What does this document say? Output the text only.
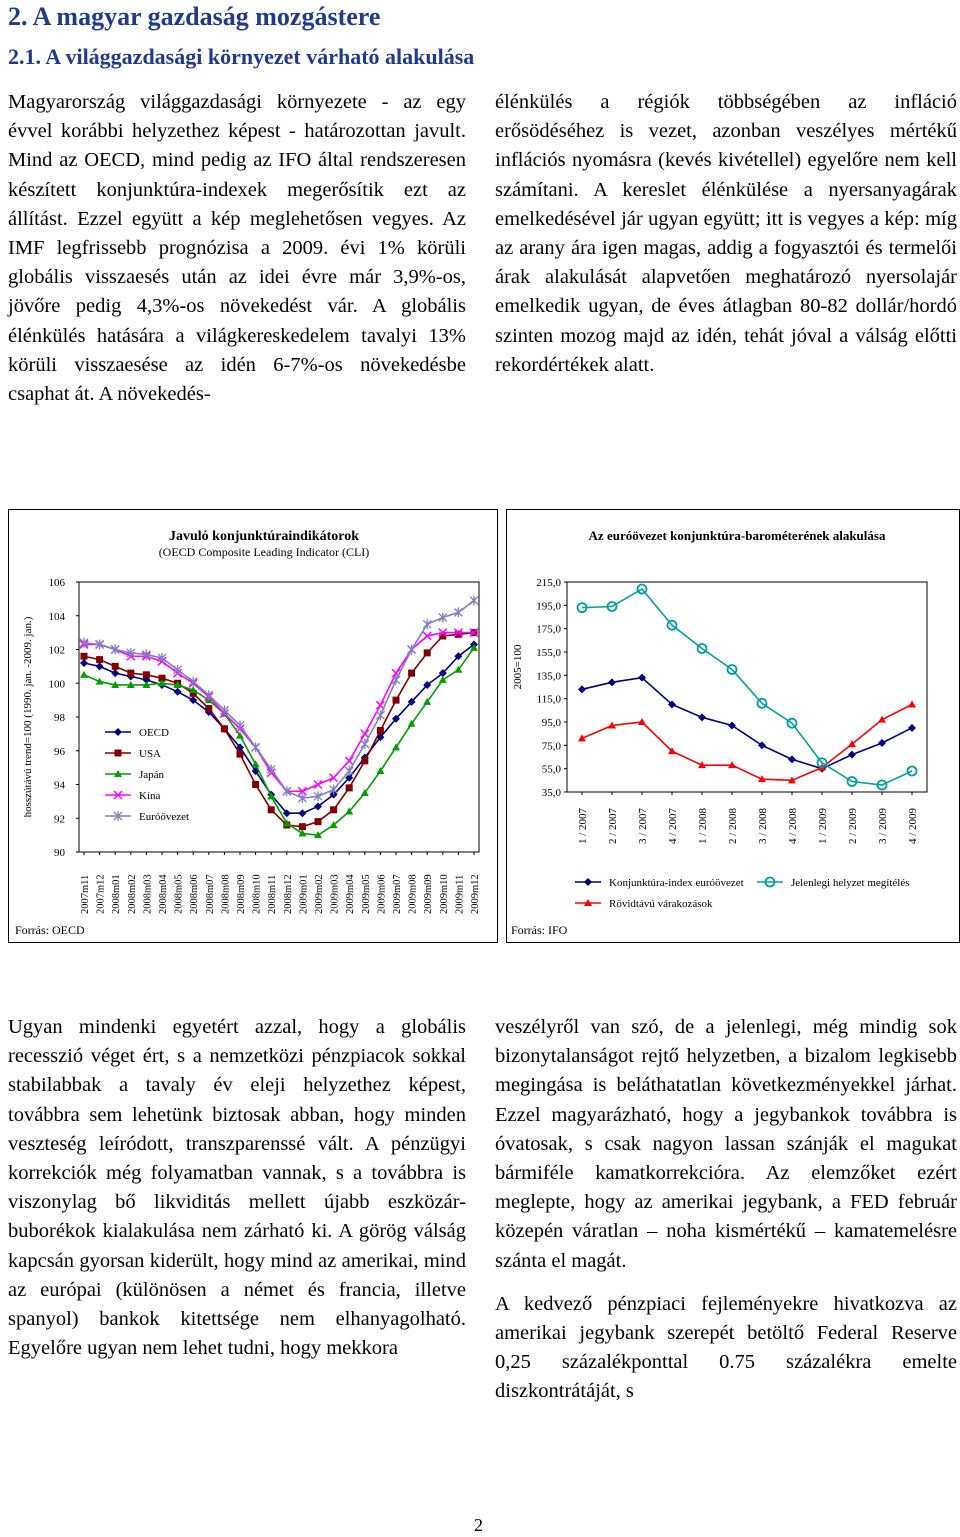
2. A magyar gazdaság mozgástere
2.1. A világgazdasági környezet várható alakulása

Magyarország világgazdasági környezete - az egy évvel korábbi helyzethez képest - határozottan javult. Mind az OECD, mind pedig az IFO által rendszeresen készített konjunktúra-indexek megerősítik ezt az állítást. Ezzel együtt a kép meglehetősen vegyes. Az IMF legfrissebb prognózisa a 2009. évi 1% körüli globális visszaesés után az idei évre már 3,9%-os, jövőre pedig 4,3%-os növekedést vár. A globális élénkülés hatására a világkereskedelem tavalyi 13% körüli visszaesése az idén 6-7%-os növekedésbe csaphat át. A növekedés-

élénkülés a régiók többségében az infláció erősödéséhez is vezet, azonban veszélyes mértékű inflációs nyomásra (kevés kivétellel) egyelőre nem kell számítani. A kereslet élénkülése a nyersanyagárak emelkedésével jár ugyan együtt; itt is vegyes a kép: míg az arany ára igen magas, addig a fogyasztói és termelői árak alakulását alapvetően meghatározó nyersolajár emelkedik ugyan, de éves átlagban 80-82 dollár/hordó szinten mozog majd az idén, tehát jóval a válság előtti rekordértékek alatt.

Javuló konjunktúraindikátorok
(OECD Composite Leading Indicator (CLI)
90
92
94
96
98
100
102
104
106
hosszútávú trend=100 (1990. jan. -2009. jan.)
2007m11 2007m12 2008m01 2008m02 2008m03 2008m04 2008m05 2008m06 2008m07 2008m08 2008m09 2008m10 2008m11 2008m12 2009m01 2009m02 2009m03 2009m04 2009m05 2009m06 2009m07 2009m08 2009m09 2009m10 2009m11 2009m12
OECD
USA
Japán
Kína
Euróövezet
Forrás: OECD
Az euróövezet konjunktúra-barométerének alakulása
35,0
55,0
75,0
95,0
115,0
135,0
155,0
175,0
195,0
215,0
2005=100
1 / 2007 2 / 2007 3 / 2007 4 / 2007 1 / 2008 2 / 2008 3 / 2008 4 / 2008 1 / 2009 2 / 2009 3 / 2009 4 / 2009
Konjunktúra-index euróövezet
Rövidtávú várakozások
Jelenlegi helyzet megítélés
Forrás: IFO

Ugyan mindenki egyetért azzal, hogy a globális recesszió véget ért, s a nemzetközi pénzpiacok sokkal stabilabbak a tavaly év eleji helyzethez képest, továbbra sem lehetünk biztosak abban, hogy minden veszteség leíródott, transzparenssé vált. A pénzügyi korrekciók még folyamatban vannak, s a továbbra is viszonylag bő likviditás mellett újabb eszközár-buborékok kialakulása nem zárható ki. A görög válság kapcsán gyorsan kiderült, hogy mind az amerikai, mind az európai (különösen a német és francia, illetve spanyol) bankok kitettsége nem elhanyagolható. Egyelőre ugyan nem lehet tudni, hogy mekkora

veszélyről van szó, de a jelenlegi, még mindig sok bizonytalanságot rejtő helyzetben, a bizalom legkisebb megingása is beláthatatlan következményekkel járhat. Ezzel magyarázható, hogy a jegybankok továbbra is óvatosak, s csak nagyon lassan szánják el magukat bármiféle kamatkorrekcióra. Az elemzőket ezért meglepte, hogy az amerikai jegybank, a FED február közepén váratlan – noha kismértékű – kamatemelésre szánta el magát.

A kedvező pénzpiaci fejleményekre hivatkozva az amerikai jegybank szerepét betöltő Federal Reserve 0,25 százalékponttal 0.75 százalékra emelte diszkontrátáját, s

2
